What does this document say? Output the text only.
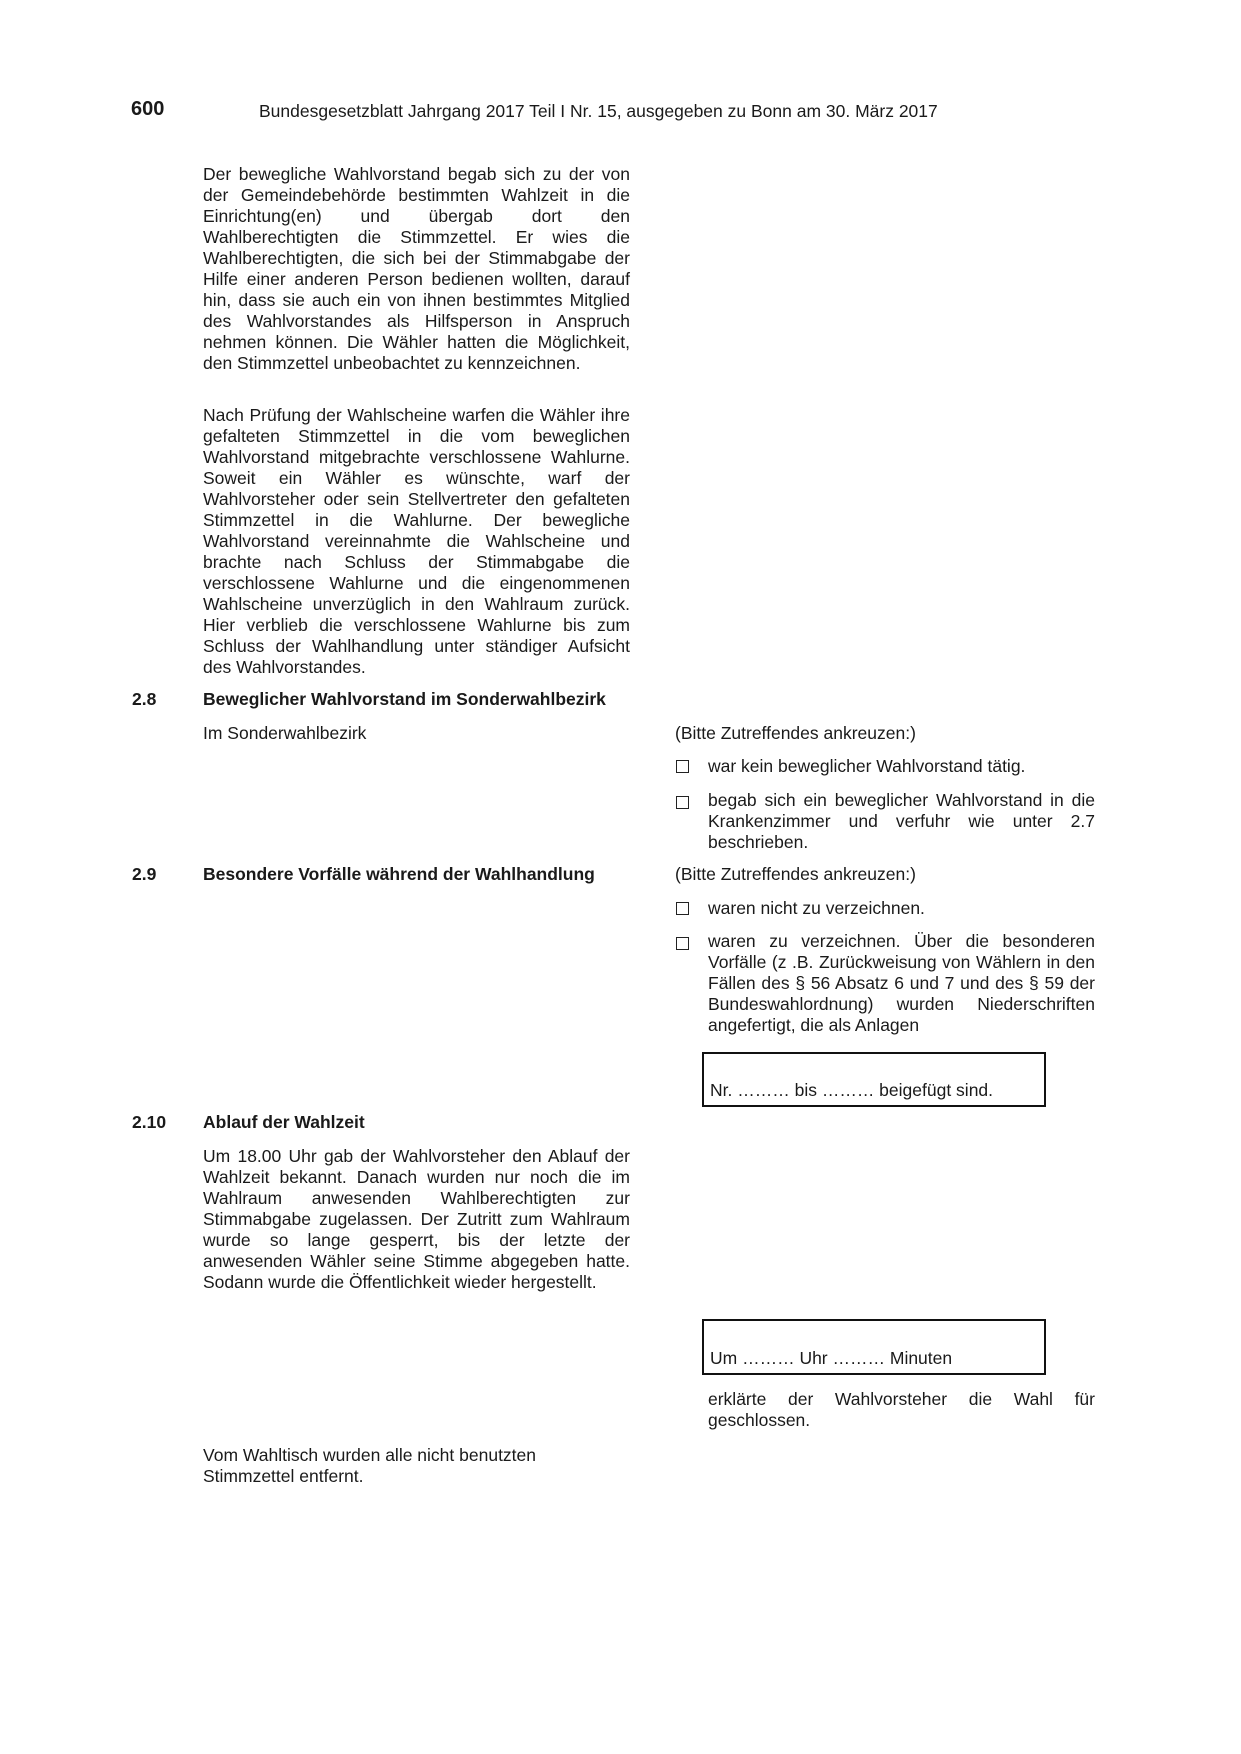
600	Bundesgesetzblatt Jahrgang 2017 Teil I Nr. 15, ausgegeben zu Bonn am 30. März 2017
Der bewegliche Wahlvorstand begab sich zu der von der Gemeindebehörde bestimmten Wahlzeit in die Einrichtung(en) und übergab dort den Wahlberechtigten die Stimmzettel. Er wies die Wahlberechtigten, die sich bei der Stimmabgabe der Hilfe einer anderen Person bedienen wollten, darauf hin, dass sie auch ein von ihnen bestimmtes Mitglied des Wahlvorstandes als Hilfsperson in Anspruch nehmen können. Die Wähler hatten die Möglichkeit, den Stimmzettel unbeobachtet zu kennzeichnen.
Nach Prüfung der Wahlscheine warfen die Wähler ihre gefalteten Stimmzettel in die vom beweglichen Wahlvorstand mitgebrachte verschlossene Wahlurne. Soweit ein Wähler es wünschte, warf der Wahlvorsteher oder sein Stellvertreter den gefalteten Stimmzettel in die Wahlurne. Der bewegliche Wahlvorstand vereinnahmte die Wahlscheine und brachte nach Schluss der Stimmabgabe die verschlossene Wahlurne und die eingenommenen Wahlscheine unverzüglich in den Wahlraum zurück. Hier verblieb die verschlossene Wahlurne bis zum Schluss der Wahlhandlung unter ständiger Aufsicht des Wahlvorstandes.
2.8	Beweglicher Wahlvorstand im Sonderwahlbezirk
Im Sonderwahlbezirk	(Bitte Zutreffendes ankreuzen:)
war kein beweglicher Wahlvorstand tätig.
begab sich ein beweglicher Wahlvorstand in die Krankenzimmer und verfuhr wie unter 2.7 beschrieben.
2.9	Besondere Vorfälle während der Wahlhandlung	(Bitte Zutreffendes ankreuzen:)
waren nicht zu verzeichnen.
waren zu verzeichnen. Über die besonderen Vorfälle (z .B. Zurückweisung von Wählern in den Fällen des § 56 Absatz 6 und 7 und des § 59 der Bundeswahlordnung) wurden Niederschriften angefertigt, die als Anlagen
Nr. ……… bis ……… beigefügt sind.
2.10 Ablauf der Wahlzeit
Um 18.00 Uhr gab der Wahlvorsteher den Ablauf der Wahlzeit bekannt. Danach wurden nur noch die im Wahlraum anwesenden Wahlberechtigten zur Stimmabgabe zugelassen. Der Zutritt zum Wahlraum wurde so lange gesperrt, bis der letzte der anwesenden Wähler seine Stimme abgegeben hatte. Sodann wurde die Öffentlichkeit wieder hergestellt.
Um ……… Uhr ……… Minuten
erklärte der Wahlvorsteher die Wahl für geschlossen.
Vom Wahltisch wurden alle nicht benutzten Stimmzettel entfernt.
